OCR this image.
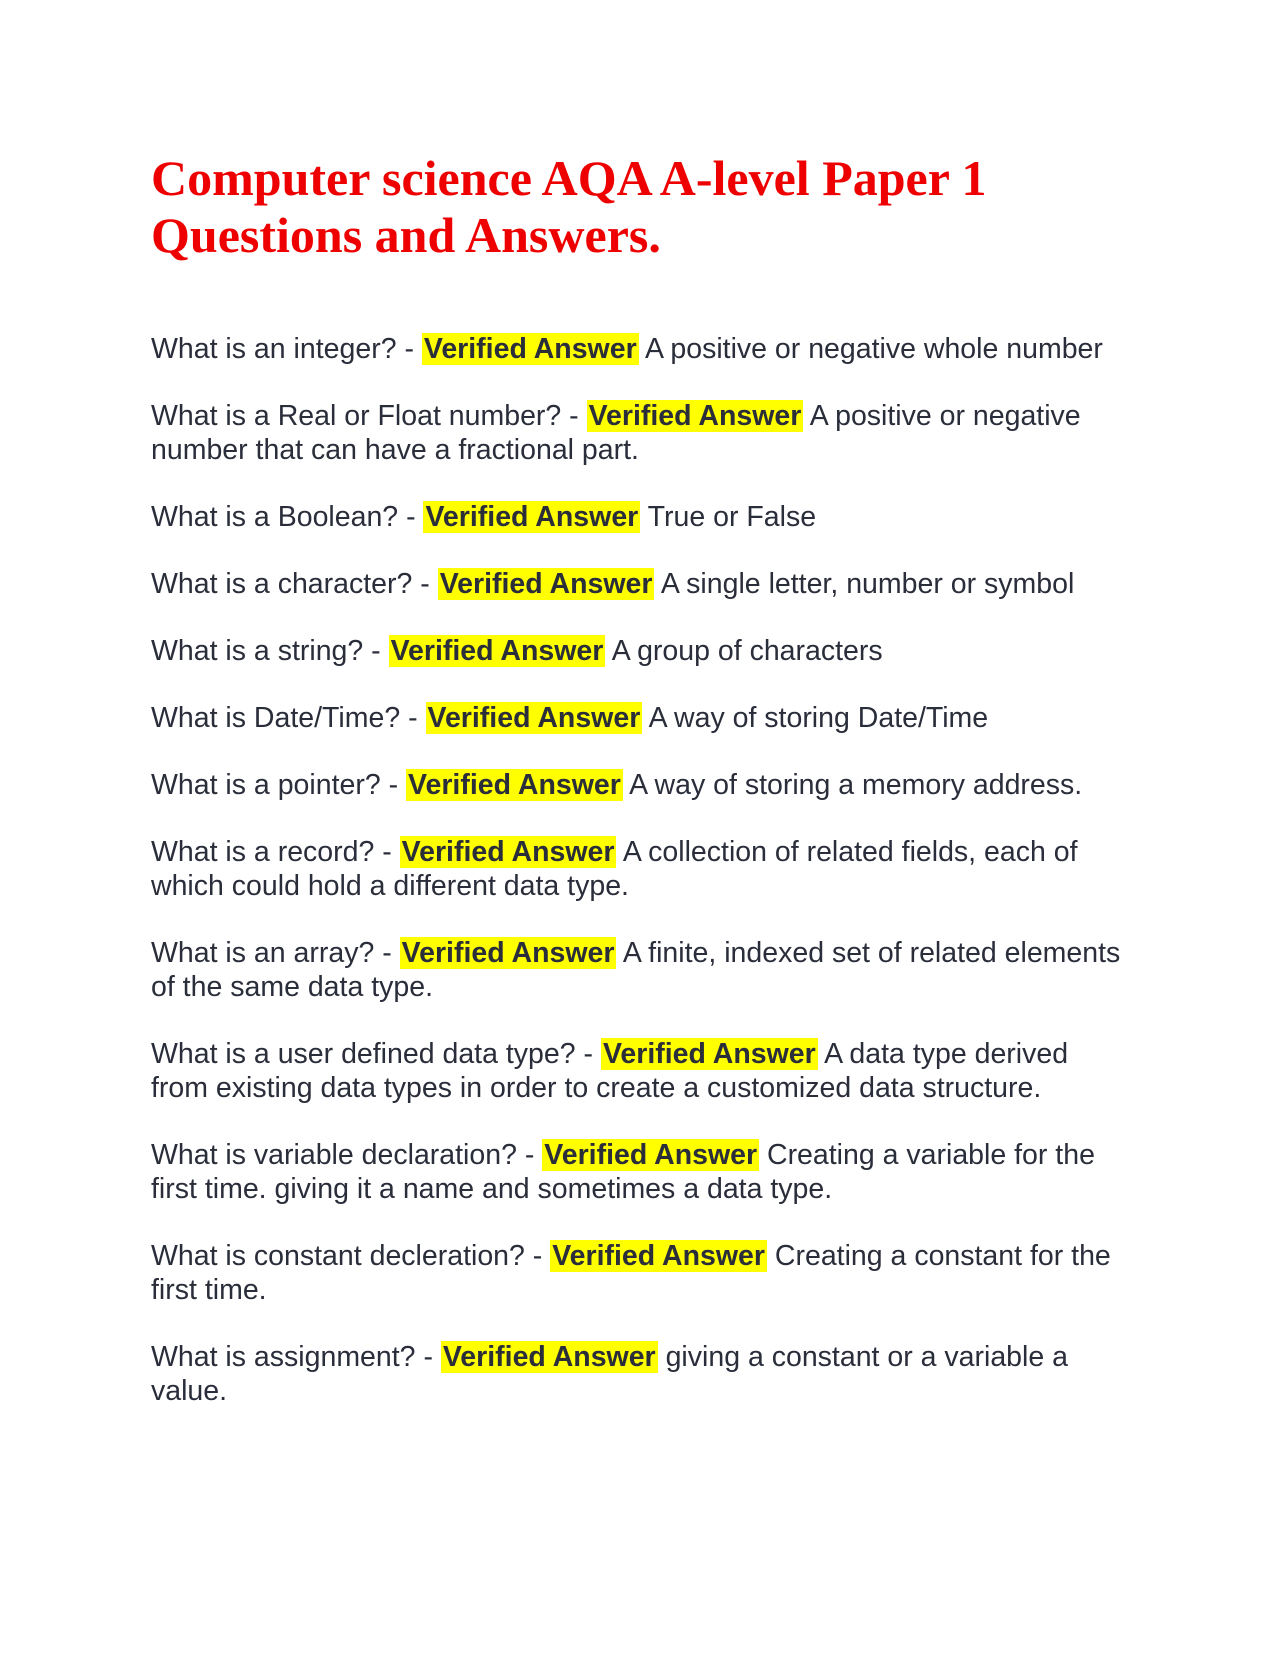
Computer science AQA A-level Paper 1
Questions and Answers.

What is an integer? - Verified Answer A positive or negative whole number

What is a Real or Float number? - Verified Answer A positive or negative number that can have a fractional part.

What is a Boolean? - Verified Answer True or False

What is a character? - Verified Answer A single letter, number or symbol

What is a string? - Verified Answer A group of characters

What is Date/Time? - Verified Answer A way of storing Date/Time

What is a pointer? - Verified Answer A way of storing a memory address.

What is a record? - Verified Answer A collection of related fields, each of which could hold a different data type.

What is an array? - Verified Answer A finite, indexed set of related elements of the same data type.

What is a user defined data type? - Verified Answer A data type derived from existing data types in order to create a customized data structure.

What is variable declaration? - Verified Answer Creating a variable for the first time. giving it a name and sometimes a data type.

What is constant decleration? - Verified Answer Creating a constant for the first time.

What is assignment? - Verified Answer giving a constant or a variable a value.
